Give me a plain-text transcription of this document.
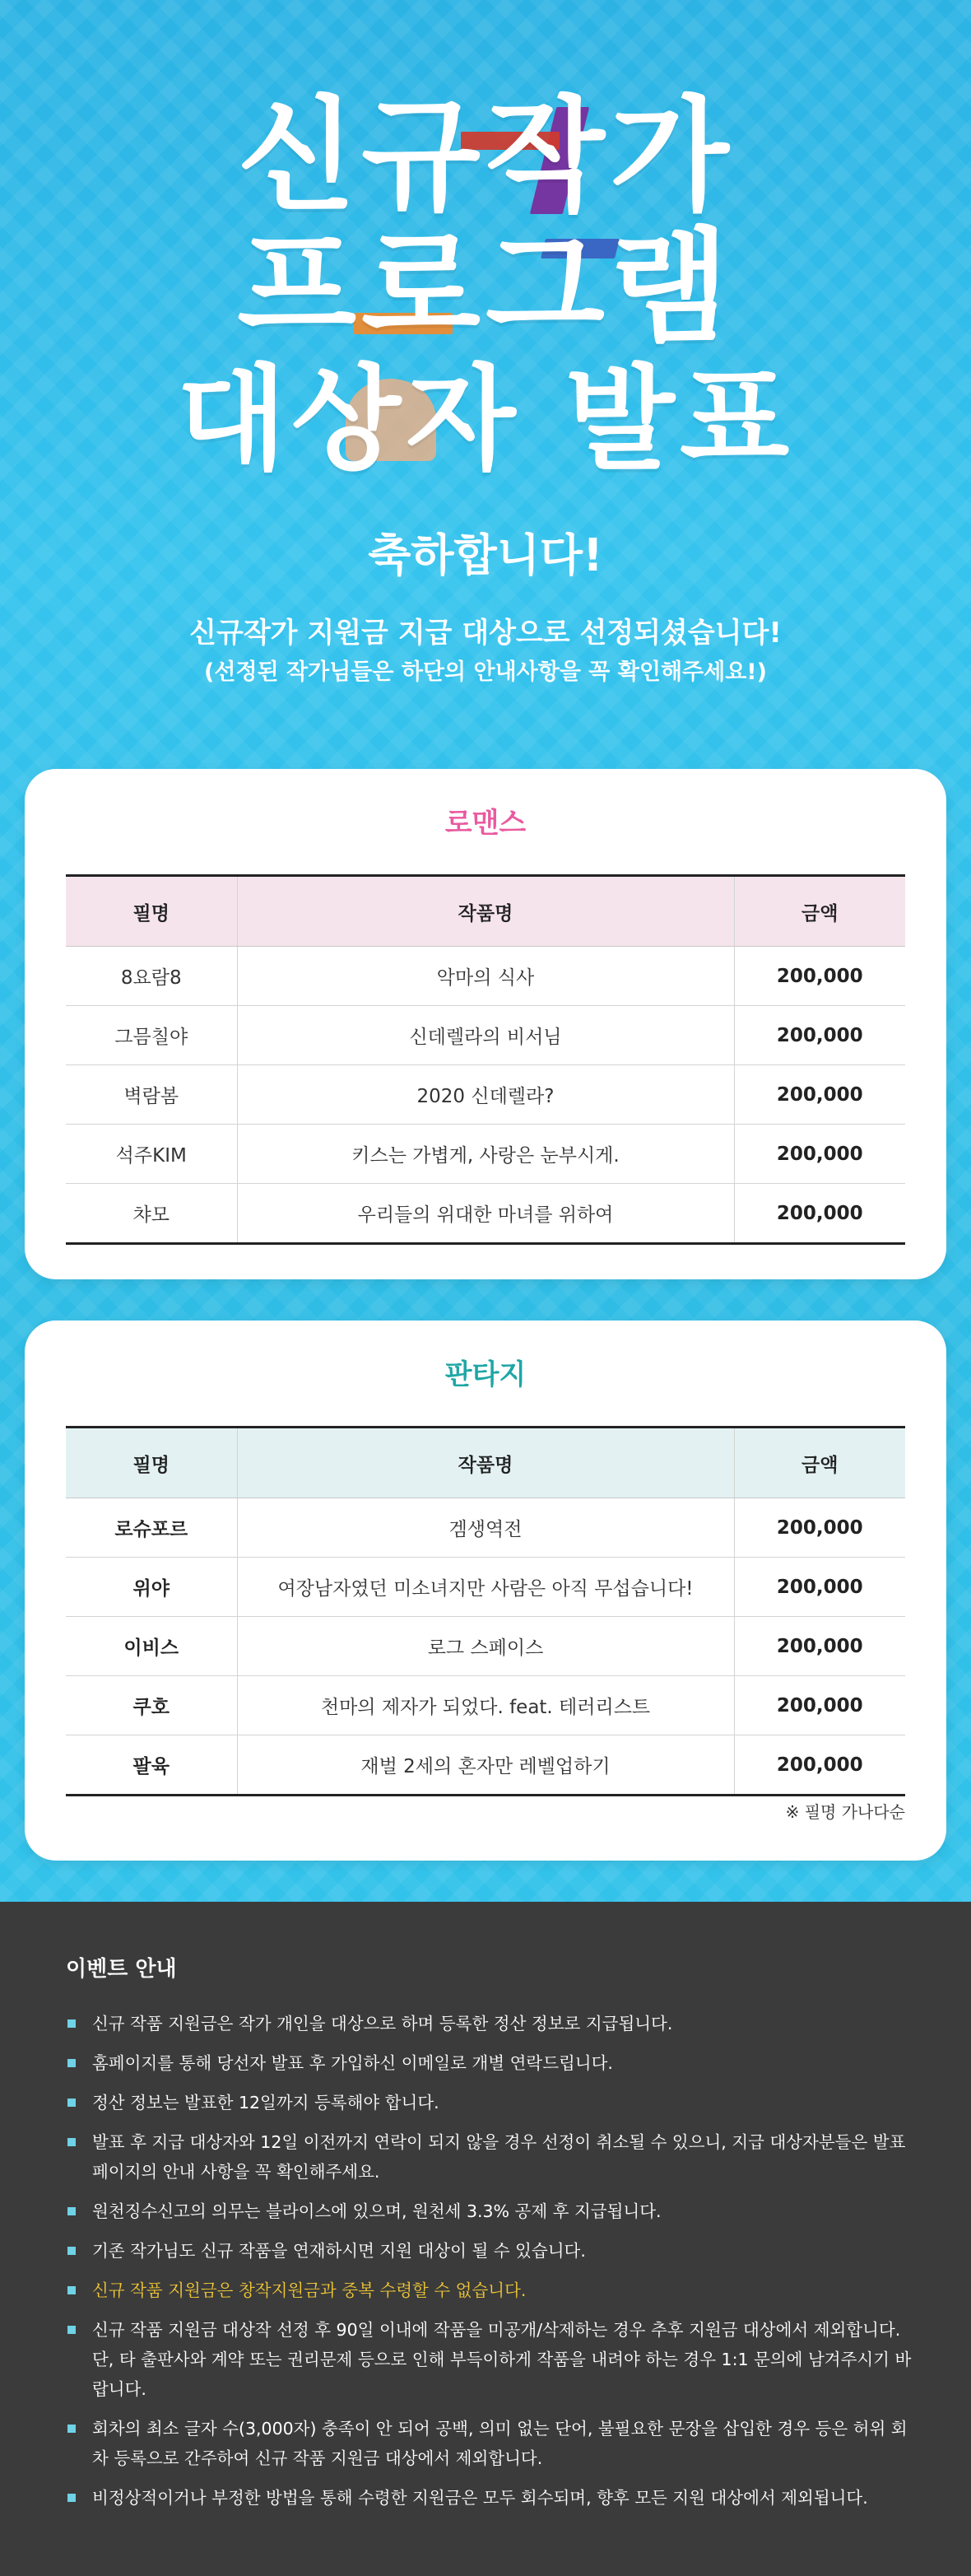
신규작가
프로그램
대상자 발표
축하합니다!
신규작가 지원금 지급 대상으로 선정되셨습니다!
(선정된 작가님들은 하단의 안내사항을 꼭 확인해주세요!)
로맨스
필명	작품명	금액
8요람8	악마의 식사	200,000
그믐칠야	신데렐라의 비서님	200,000
벽람봄	2020 신데렐라?	200,000
석주KIM	키스는 가볍게, 사랑은 눈부시게.	200,000
챠모	우리들의 위대한 마녀를 위하여	200,000
판타지
필명	작품명	금액
로슈포르	겜생역전	200,000
위야	여장남자였던 미소녀지만 사람은 아직 무섭습니다!	200,000
이비스	로그 스페이스	200,000
쿠호	천마의 제자가 되었다. feat. 테러리스트	200,000
팔육	재벌 2세의 혼자만 레벨업하기	200,000
※ 필명 가나다순
이벤트 안내
신규 작품 지원금은 작가 개인을 대상으로 하며 등록한 정산 정보로 지급됩니다.
홈페이지를 통해 당선자 발표 후 가입하신 이메일로 개별 연락드립니다.
정산 정보는 발표한 12일까지 등록해야 합니다.
발표 후 지급 대상자와 12일 이전까지 연락이 되지 않을 경우 선정이 취소될 수 있으니, 지급 대상자분들은 발표페이지의 안내 사항을 꼭 확인해주세요.
원천징수신고의 의무는 블라이스에 있으며, 원천세 3.3% 공제 후 지급됩니다.
기존 작가님도 신규 작품을 연재하시면 지원 대상이 될 수 있습니다.
신규 작품 지원금은 창작지원금과 중복 수령할 수 없습니다.
신규 작품 지원금 대상작 선정 후 90일 이내에 작품을 미공개/삭제하는 경우 추후 지원금 대상에서 제외합니다. 단, 타 출판사와 계약 또는 권리문제 등으로 인해 부득이하게 작품을 내려야 하는 경우 1:1 문의에 남겨주시기 바랍니다.
회차의 최소 글자 수(3,000자) 충족이 안 되어 공백, 의미 없는 단어, 불필요한 문장을 삽입한 경우 등은 허위 회차 등록으로 간주하여 신규 작품 지원금 대상에서 제외합니다.
비정상적이거나 부정한 방법을 통해 수령한 지원금은 모두 회수되며, 향후 모든 지원 대상에서 제외됩니다.
